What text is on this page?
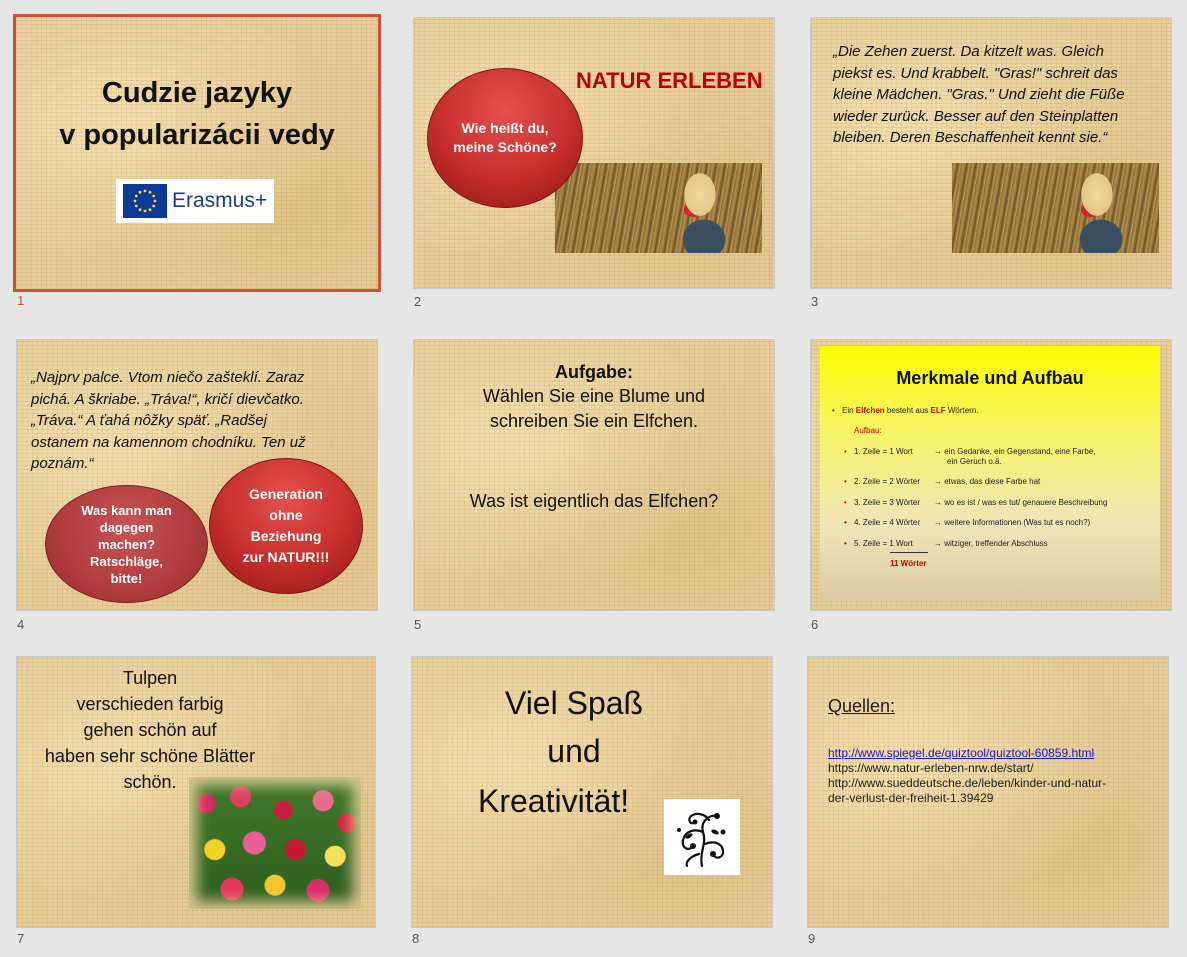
Cudzie jazyky
v popularizácii vedy
Erasmus+
1
NATUR ERLEBEN
Wie heißt du,
meine Schöne?
2
„Die Zehen zuerst. Da kitzelt was. Gleich
piekst es. Und krabbelt. "Gras!" schreit das
kleine Mädchen. "Gras." Und zieht die Füße
wieder zurück. Besser auf den Steinplatten
bleiben. Deren Beschaffenheit kennt sie.“
3
„Najprv palce. Vtom niečo zašteklí. Zaraz
pichá. A škriabe. „Tráva!“, kričí dievčatko.
„Tráva.“ A ťahá nôžky späť. „Radšej
ostanem na kamennom chodníku. Ten už
poznám.“
Was kann man
dagegen
machen?
Ratschläge,
bitte!
Generation
ohne
Beziehung
zur NATUR!!!
4
Aufgabe:
Wählen Sie eine Blume und
schreiben Sie ein Elfchen.
Was ist eigentlich das Elfchen?
5
Merkmale und Aufbau
• Ein Elfchen besteht aus ELF Wörtern.
Aufbau:
• 1. Zeile = 1 Wort	→ ein Gedanke, ein Gegenstand, eine Farbe,
ein Geruch o.ä.
• 2. Zeile = 2 Wörter → etwas, das diese Farbe hat
• 3. Zeile = 3 Wörter → wo es ist / was es tut/ genauere Beschreibung
• 4. Zeile = 4 Wörter → weitere Informationen (Was tut es noch?)
• 5. Zeile = 1 Wort	→ witziger, treffender Abschluss
11 Wörter
6
Tulpen
verschieden farbig
gehen schön auf
haben sehr schöne Blätter
schön.
7
Viel Spaß
und
Kreativität!
8
Quellen:
http://www.spiegel.de/quiztool/quiztool-60859.html
https://www.natur-erleben-nrw.de/start/
http://www.sueddeutsche.de/leben/kinder-und-natur-
der-verlust-der-freiheit-1.39429
9
